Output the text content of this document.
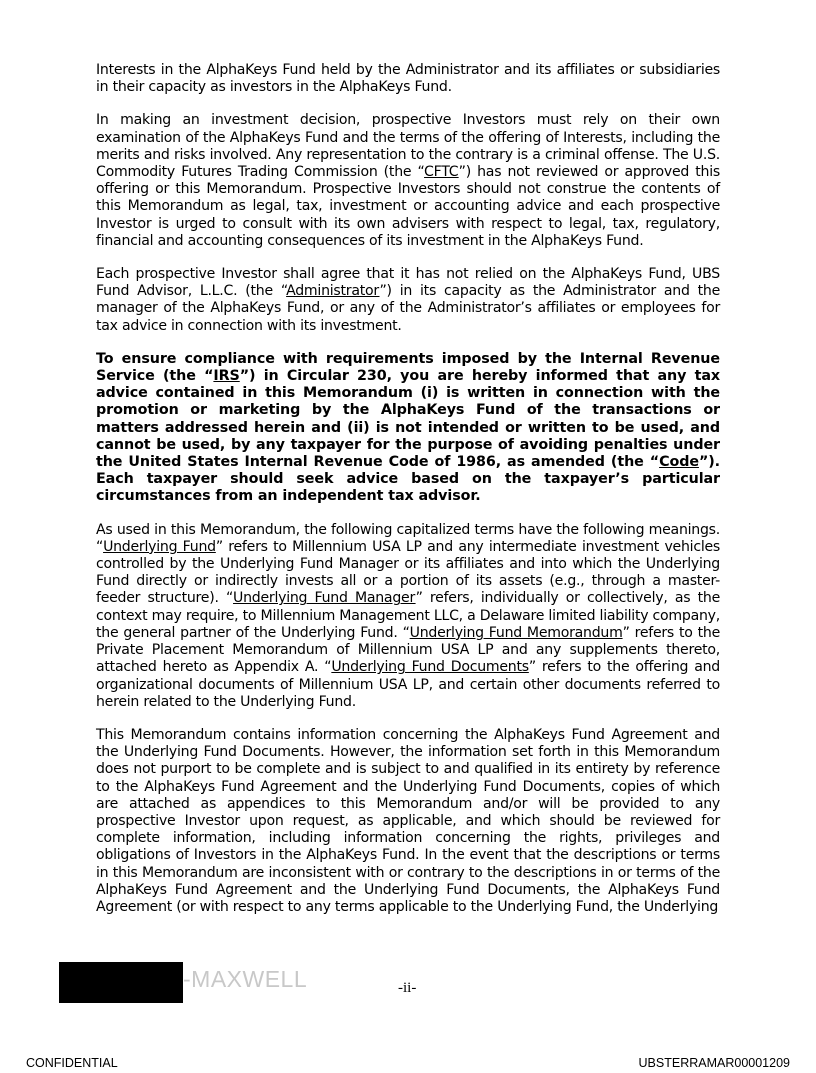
Interests in the AlphaKeys Fund held by the Administrator and its affiliates or subsidiaries in their capacity as investors in the AlphaKeys Fund.

In making an investment decision, prospective Investors must rely on their own examination of the AlphaKeys Fund and the terms of the offering of Interests, including the merits and risks involved. Any representation to the contrary is a criminal offense. The U.S. Commodity Futures Trading Commission (the “CFTC”) has not reviewed or approved this offering or this Memorandum. Prospective Investors should not construe the contents of this Memorandum as legal, tax, investment or accounting advice and each prospective Investor is urged to consult with its own advisers with respect to legal, tax, regulatory, financial and accounting consequences of its investment in the AlphaKeys Fund.

Each prospective Investor shall agree that it has not relied on the AlphaKeys Fund, UBS Fund Advisor, L.L.C. (the “Administrator”) in its capacity as the Administrator and the manager of the AlphaKeys Fund, or any of the Administrator’s affiliates or employees for tax advice in connection with its investment.

To ensure compliance with requirements imposed by the Internal Revenue Service (the “IRS”) in Circular 230, you are hereby informed that any tax advice contained in this Memorandum (i) is written in connection with the promotion or marketing by the AlphaKeys Fund of the transactions or matters addressed herein and (ii) is not intended or written to be used, and cannot be used, by any taxpayer for the purpose of avoiding penalties under the United States Internal Revenue Code of 1986, as amended (the “Code”). Each taxpayer should seek advice based on the taxpayer’s particular circumstances from an independent tax advisor.

As used in this Memorandum, the following capitalized terms have the following meanings. “Underlying Fund” refers to Millennium USA LP and any intermediate investment vehicles controlled by the Underlying Fund Manager or its affiliates and into which the Underlying Fund directly or indirectly invests all or a portion of its assets (e.g., through a master-feeder structure). “Underlying Fund Manager” refers, individually or collectively, as the context may require, to Millennium Management LLC, a Delaware limited liability company, the general partner of the Underlying Fund. “Underlying Fund Memorandum” refers to the Private Placement Memorandum of Millennium USA LP and any supplements thereto, attached hereto as Appendix A. “Underlying Fund Documents” refers to the offering and organizational documents of Millennium USA LP, and certain other documents referred to herein related to the Underlying Fund.

This Memorandum contains information concerning the AlphaKeys Fund Agreement and the Underlying Fund Documents. However, the information set forth in this Memorandum does not purport to be complete and is subject to and qualified in its entirety by reference to the AlphaKeys Fund Agreement and the Underlying Fund Documents, copies of which are attached as appendices to this Memorandum and/or will be provided to any prospective Investor upon request, as applicable, and which should be reviewed for complete information, including information concerning the rights, privileges and obligations of Investors in the AlphaKeys Fund. In the event that the descriptions or terms in this Memorandum are inconsistent with or contrary to the descriptions in or terms of the AlphaKeys Fund Agreement and the Underlying Fund Documents, the AlphaKeys Fund Agreement (or with respect to any terms applicable to the Underlying Fund, the Underlying

-MAXWELL	-ii-
CONFIDENTIAL	UBSTERRAMAR00001209
